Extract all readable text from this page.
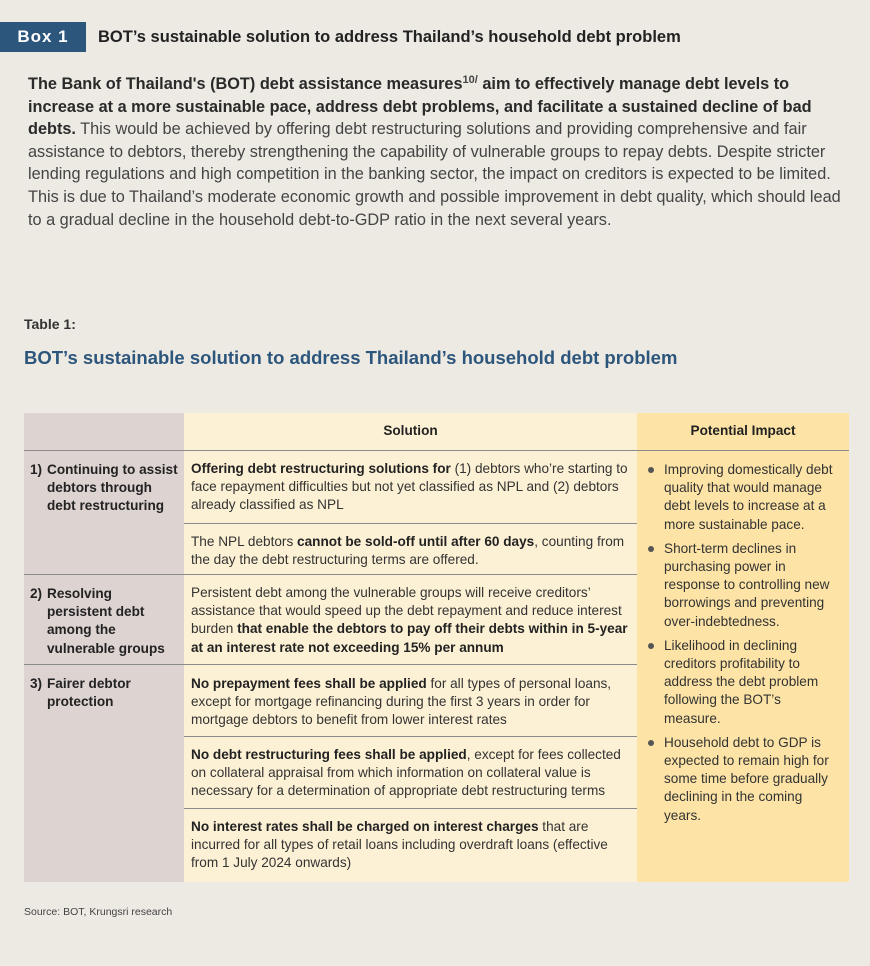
Box 1	BOT’s sustainable solution to address Thailand’s household debt problem
The Bank of Thailand's (BOT) debt assistance measures$^{10/}$ aim to effectively manage debt levels to increase at a more sustainable pace, address debt problems, and facilitate a sustained decline of bad debts. This would be achieved by offering debt restructuring solutions and providing comprehensive and fair assistance to debtors, thereby strengthening the capability of vulnerable groups to repay debts. Despite stricter lending regulations and high competition in the banking sector, the impact on creditors is expected to be limited. This is due to Thailand’s moderate economic growth and possible improvement in debt quality, which should lead to a gradual decline in the household debt-to-GDP ratio in the next several years.
Table 1:
BOT’s sustainable solution to address Thailand’s household debt problem
Solution	Potential Impact
1) Continuing to assist debtors through debt restructuring
2) Resolving persistent debt among the vulnerable groups
3) Fairer debtor protection
Offering debt restructuring solutions for (1) debtors who’re starting to face repayment difficulties but not yet classified as NPL and (2) debtors already classified as NPL
The NPL debtors cannot be sold-off until after 60 days, counting from the day the debt restructuring terms are offered.
Persistent debt among the vulnerable groups will receive creditors’ assistance that would speed up the debt repayment and reduce interest burden that enable the debtors to pay off their debts within in 5-year at an interest rate not exceeding 15% per annum
No prepayment fees shall be applied for all types of personal loans, except for mortgage refinancing during the first 3 years in order for mortgage debtors to benefit from lower interest rates
No debt restructuring fees shall be applied, except for fees collected on collateral appraisal from which information on collateral value is necessary for a determination of appropriate debt restructuring terms
No interest rates shall be charged on interest charges that are incurred for all types of retail loans including overdraft loans (effective from 1 July 2024 onwards)
Improving domestically debt quality that would manage debt levels to increase at a more sustainable pace.
Short-term declines in purchasing power in response to controlling new borrowings and preventing over-indebtedness.
Likelihood in declining creditors profitability to address the debt problem following the BOT’s measure.
Household debt to GDP is expected to remain high for some time before gradually declining in the coming years.
Source: BOT, Krungsri research
